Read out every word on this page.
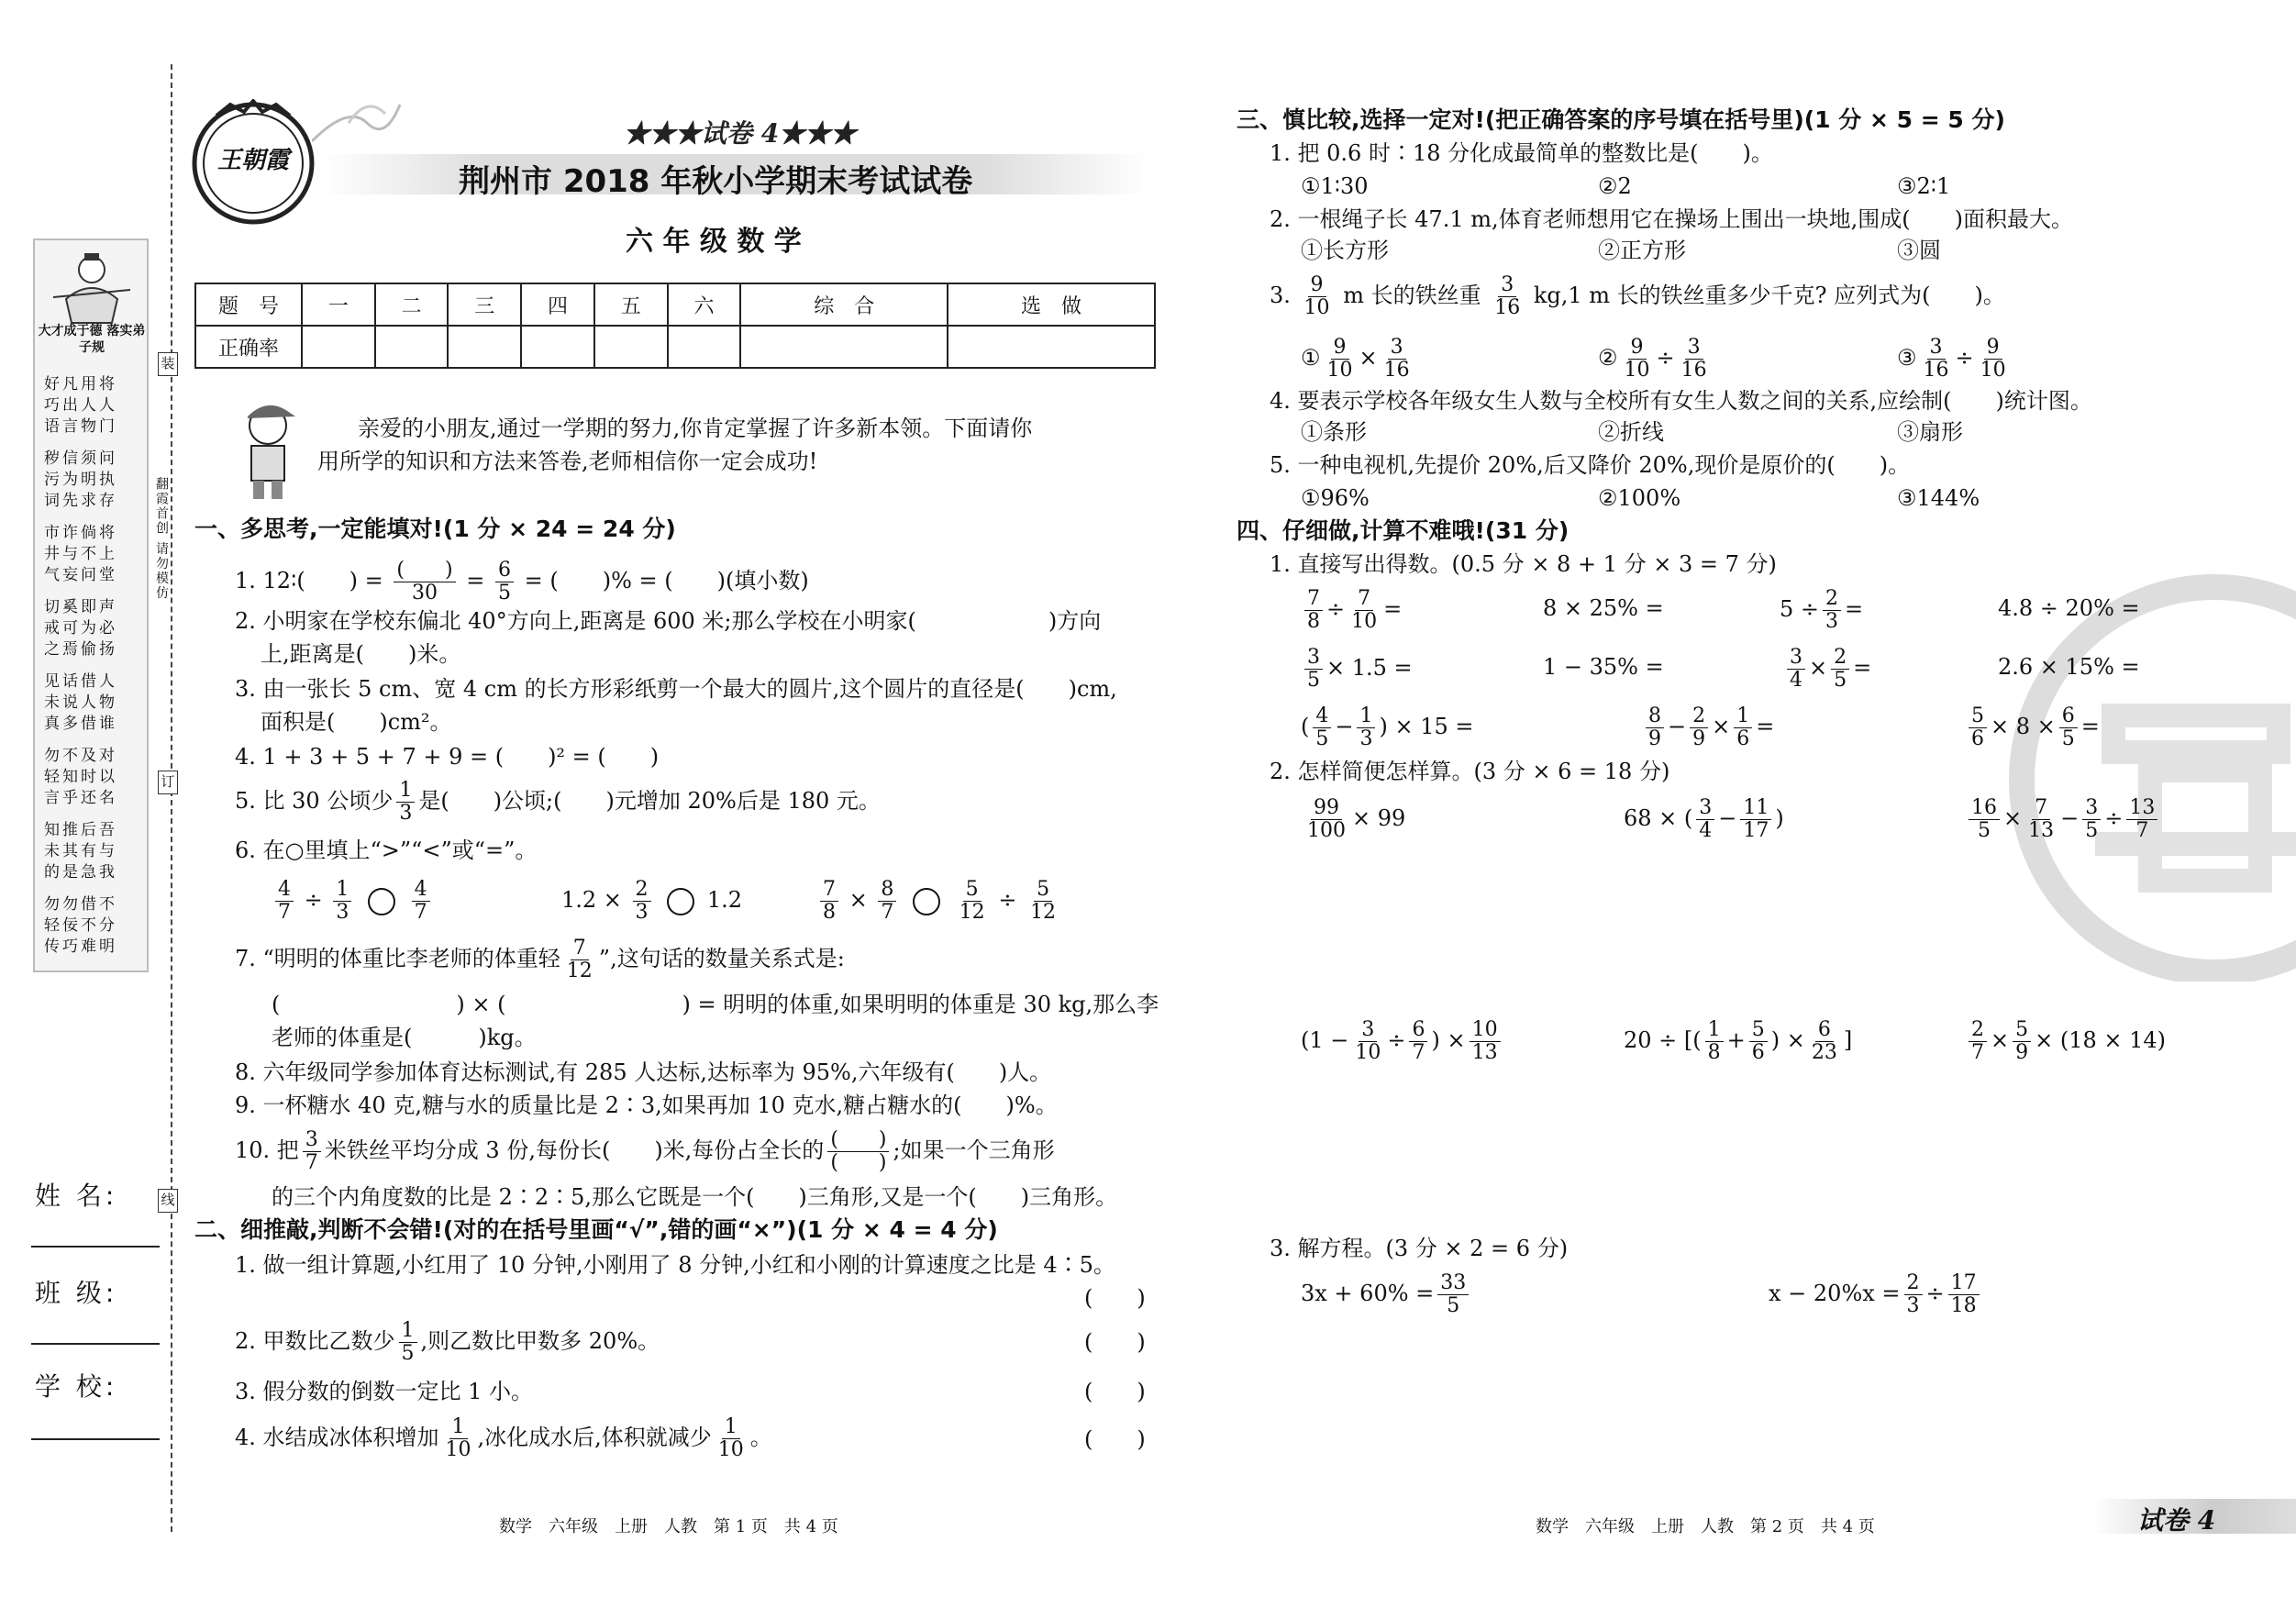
大才成于德 落实弟子规
好凡用将
巧出人人
语言物门
秽信须问
污为明执
词先求存
市诈倘将
井与不上
气妄问堂
切奚即声
戒可为必
之焉偷扬
见话借人
未说人物
真多借谁
勿不及对
轻知时以
言乎还名
知推后吾
未其有与
的是急我
勿勿借不
轻佞不分
传巧难明
姓 名:
班 级:
学 校:
装
订
线
翻霞首创 请勿模仿
王朝霞
★★★试卷 4★★★
荆州市 2018 年秋小学期末考试试卷
六 年 级 数 学
题　号	一	二	三	四	五	六	综　合	选　做
正确率								
亲爱的小朋友,通过一学期的努力,你肯定掌握了许多新本领。下面请你
用所学的知识和方法来答卷,老师相信你一定会成功!
一、多思考,一定能填对!(1 分 × 24 = 24 分)
1. 12∶(　　) = $\frac{( )}{30} = \frac{6}{5}$ = (　　)% = (　　)(填小数)
2. 小明家在学校东偏北 40°方向上,距离是 600 米;那么学校在小明家(　　　　　　)方向
上,距离是(　　)米。
3. 由一张长 5 cm、宽 4 cm 的长方形彩纸剪一个最大的圆片,这个圆片的直径是(　　)cm,
面积是(　　)cm²。
4. 1 + 3 + 5 + 7 + 9 = (　　)² = (　　)
5. 比 30 公顷少 $\frac{1}{3}$ 是(　　)公顷;(　　)元增加 20%后是 180 元。
6. 在○里填上“>”“<”或“=”。
$\frac{4}{7} \div \frac{1}{3}$
	$\frac{4}{7}$	$1.2 \times \frac{2}{3}$	1.2	$\frac{7}{8} \times \frac{8}{7}$
	$\frac{5}{12} \div \frac{5}{12}$
7. “明明的体重比李老师的体重轻 $\frac{7}{12}$ ”,这句话的数量关系式是:
(　　　　　　　　) × (　　　　　　　　) = 明明的体重,如果明明的体重是 30 kg,那么李
老师的体重是(　　　)kg。
8. 六年级同学参加体育达标测试,有 285 人达标,达标率为 95%,六年级有(　　)人。
9. 一杯糖水 40 克,糖与水的质量比是 2∶3,如果再加 10 克水,糖占糖水的(　　)%。
10. 把 $\frac{3}{7}$ 米铁丝平均分成 3 份,每份长(　　)米,每份占全长的 $\frac{( )}{( )}$ ;如果一个三角形
的三个内角度数的比是 2∶2∶5,那么它既是一个(　　)三角形,又是一个(　　)三角形。
二、细推敲,判断不会错!(对的在括号里画“√”,错的画“×”)(1 分 × 4 = 4 分)
1. 做一组计算题,小红用了 10 分钟,小刚用了 8 分钟,小红和小刚的计算速度之比是 4∶5。
(　　)
2. 甲数比乙数少 $\frac{1}{5}$ ,则乙数比甲数多 20%。	(　　)
3. 假分数的倒数一定比 1 小。	(　　)
4. 水结成冰体积增加 $\frac{1}{10}$ ,冰化成水后,体积就减少 $\frac{1}{10}$ 。	(　　)
数学　六年级　上册　人教　第 1 页　共 4 页
三、慎比较,选择一定对!(把正确答案的序号填在括号里)(1 分 × 5 = 5 分)
1. 把 0.6 时∶18 分化成最简单的整数比是(　　)。
①1∶30	②2	③2∶1
2. 一根绳子长 47.1 m,体育老师想用它在操场上围出一块地,围成(　　)面积最大。
①长方形	②正方形	③圆
3. $\frac{9}{10}$ m 长的铁丝重 $\frac{3}{16} kg,1$ m 长的铁丝重多少千克? 应列式为(　　)。
① $\frac{9}{10} \times \frac{3}{16}$	② $\frac{9}{10} \div \frac{3}{16}$	③ $\frac{3}{16} \div \frac{9}{10}$
4. 要表示学校各年级女生人数与全校所有女生人数之间的关系,应绘制(　　)统计图。
①条形	②折线	③扇形
5. 一种电视机,先提价 20%,后又降价 20%,现价是原价的(　　)。
①96%	②100%	③144%
四、仔细做,计算不难哦!(31 分)
1. 直接写出得数。(0.5 分 × 8 + 1 分 × 3 = 7 分)
$\frac{7}{8} \div \frac{7}{10}$ =	8 × 25% =	$5 \div \frac{2}{3}$ =	4.8 ÷ 20% =
$\frac{3}{5} \times 1.5$ =	1 − 35% =	$\frac{3}{4} \times \frac{2}{5}$ =	2.6 × 15% =
( $\frac{4}{5} - \frac{1}{3}$ ) × 15 =	$\frac{8}{9} - \frac{2}{9} \times \frac{1}{6}$ =	$\frac{5}{6} \times 8 \times \frac{6}{5}$ =
2. 怎样简便怎样算。(3 分 × 6 = 18 分)
$\frac{99}{100} \times 99$	68 × ( $\frac{3}{4} - \frac{11}{17}$ )	$\frac{16}{5} \times \frac{7}{13} - \frac{3}{5} \div \frac{13}{7}$
($1 - \frac{3}{10} \div \frac{6}{7}$ ) × $\frac{10}{13}$	20 ÷ [( $\frac{1}{8} + \frac{5}{6}$ ) × $\frac{6}{23}$ ]	$\frac{2}{7} \times \frac{5}{9} \times (18 \times 14)$
3. 解方程。(3 分 × 2 = 6 分)
$3x + 60\% = \frac{33}{5}$	$x - 20\%x = \frac{2}{3} \div \frac{17}{18}$
数学　六年级　上册　人教　第 2 页　共 4 页	试卷 4
